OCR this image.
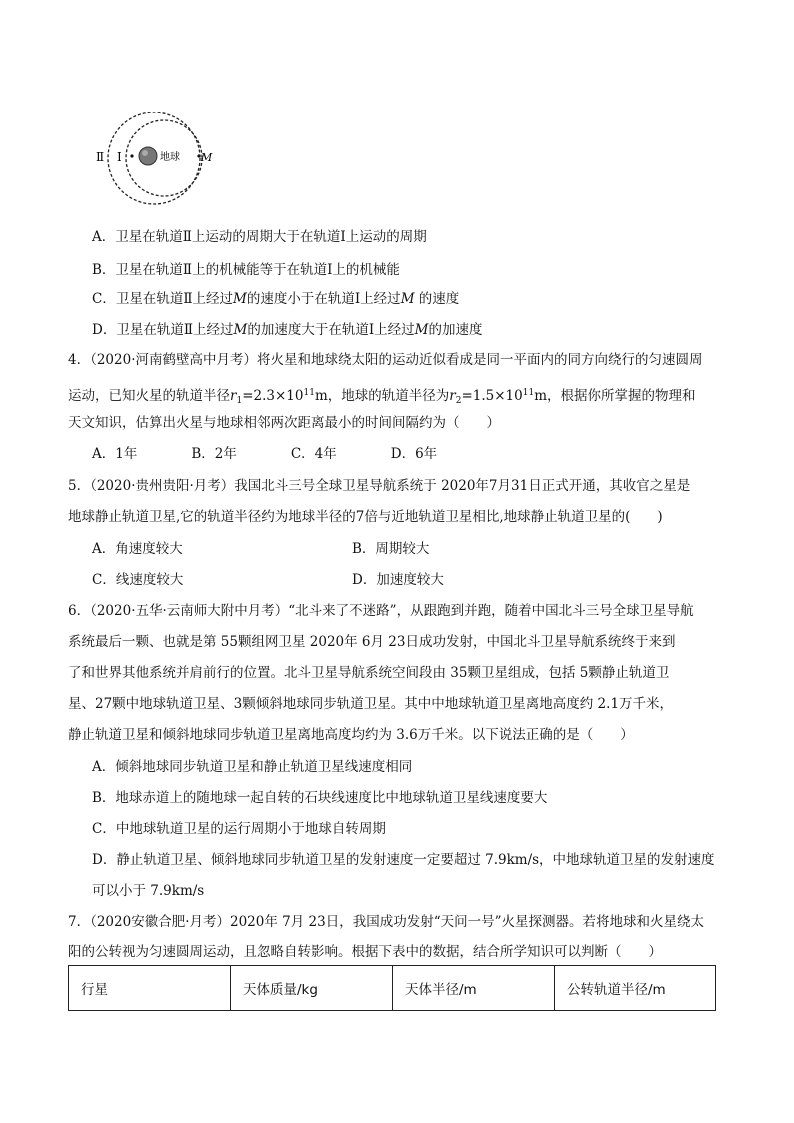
Ⅱ Ⅰ	地球 M
A．卫星在轨道Ⅱ上运动的周期大于在轨道Ⅰ上运动的周期
B．卫星在轨道Ⅱ上的机械能等于在轨道Ⅰ上的机械能
C．卫星在轨道Ⅱ上经过M的速度小于在轨道Ⅰ上经过M 的速度
D．卫星在轨道Ⅱ上经过M的加速度大于在轨道Ⅰ上经过M的加速度
4．（2020·河南鹤壁高中月考）将火星和地球绕太阳的运动近似看成是同一平面内的同方向绕行的匀速圆周
运动，已知火星的轨道半径$r_1=2.3\times 10^{11}m$，地球的轨道半径为$r_2=1.5\times 10^{11}m$，根据你所掌握的物理和
天文知识，估算出火星与地球相邻两次距离最小的时间间隔约为（　　）
A．1年　　　　B．2年　　　　C．4年　　　　D．6年
5．（2020·贵州贵阳·月考）我国北斗三号全球卫星导航系统于 2020年7月31日正式开通，其收官之星是
地球静止轨道卫星,它的轨道半径约为地球半径的7倍与近地轨道卫星相比,地球静止轨道卫星的(　　)
A．角速度较大	B．周期较大
C．线速度较大	D．加速度较大
6．（2020·五华·云南师大附中月考）“北斗来了不迷路”，从跟跑到并跑，随着中国北斗三号全球卫星导航
系统最后一颗、也就是第 55颗组网卫星 2020年 6月 23日成功发射，中国北斗卫星导航系统终于来到
了和世界其他系统并肩前行的位置。北斗卫星导航系统空间段由 35颗卫星组成，包括 5颗静止轨道卫
星、27颗中地球轨道卫星、3颗倾斜地球同步轨道卫星。其中中地球轨道卫星离地高度约 2.1万千米，
静止轨道卫星和倾斜地球同步轨道卫星离地高度均约为 3.6万千米。以下说法正确的是（　　）
A．倾斜地球同步轨道卫星和静止轨道卫星线速度相同
B．地球赤道上的随地球一起自转的石块线速度比中地球轨道卫星线速度要大
C．中地球轨道卫星的运行周期小于地球自转周期
D．静止轨道卫星、倾斜地球同步轨道卫星的发射速度一定要超过 7.9km/s，中地球轨道卫星的发射速度
可以小于 7.9km/s
7．（2020安徽合肥·月考）2020年 7月 23日，我国成功发射“天问一号”火星探测器。若将地球和火星绕太
阳的公转视为匀速圆周运动，且忽略自转影响。根据下表中的数据，结合所学知识可以判断（　　）
行星	天体质量/kg	天体半径/m	公转轨道半径/m
